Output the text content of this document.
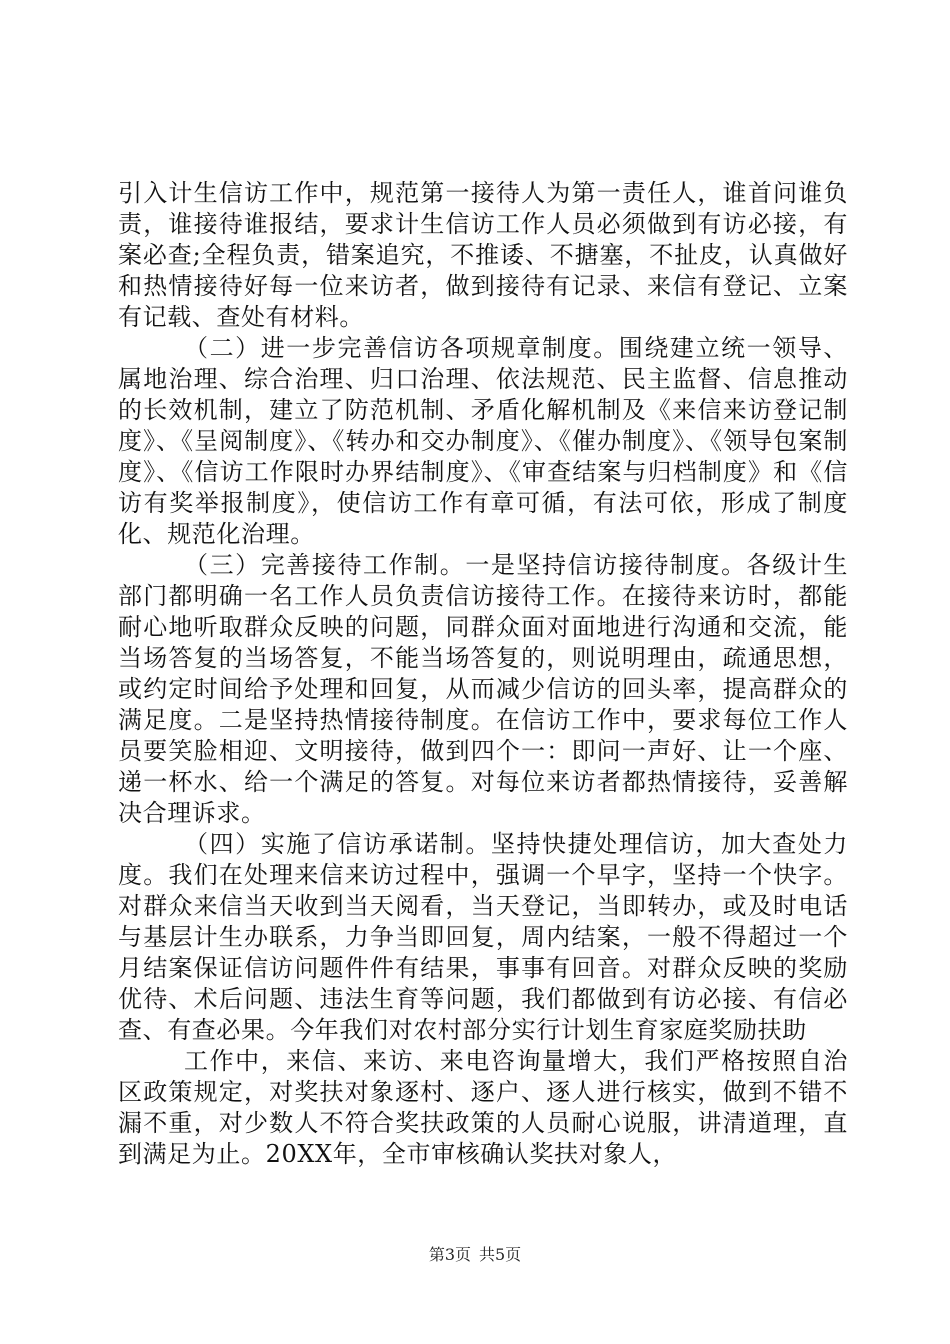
引入计生信访工作中，规范第一接待人为第一责任人，谁首问谁负责，谁接待谁报结，要求计生信访工作人员必须做到有访必接，有案必查;全程负责，错案追究，不推诿、不搪塞，不扯皮，认真做好和热情接待好每一位来访者，做到接待有记录、来信有登记、立案有记载、查处有材料。

（二）进一步完善信访各项规章制度。围绕建立统一领导、属地治理、综合治理、归口治理、依法规范、民主监督、信息推动的长效机制，建立了防范机制、矛盾化解机制及《来信来访登记制度》、《呈阅制度》、《转办和交办制度》、《催办制度》、《领导包案制度》、《信访工作限时办界结制度》、《审查结案与归档制度》和《信访有奖举报制度》，使信访工作有章可循，有法可依，形成了制度化、规范化治理。

（三）完善接待工作制。一是坚持信访接待制度。各级计生部门都明确一名工作人员负责信访接待工作。在接待来访时，都能耐心地听取群众反映的问题，同群众面对面地进行沟通和交流，能当场答复的当场答复，不能当场答复的，则说明理由，疏通思想，或约定时间给予处理和回复，从而减少信访的回头率，提高群众的满足度。二是坚持热情接待制度。在信访工作中，要求每位工作人员要笑脸相迎、文明接待，做到四个一：即问一声好、让一个座、递一杯水、给一个满足的答复。对每位来访者都热情接待，妥善解决合理诉求。

（四）实施了信访承诺制。坚持快捷处理信访，加大查处力度。我们在处理来信来访过程中，强调一个早字，坚持一个快字。对群众来信当天收到当天阅看，当天登记，当即转办，或及时电话与基层计生办联系，力争当即回复，周内结案，一般不得超过一个月结案保证信访问题件件有结果，事事有回音。对群众反映的奖励优待、术后问题、违法生育等问题，我们都做到有访必接、有信必查、有查必果。今年我们对农村部分实行计划生育家庭奖励扶助

工作中，来信、来访、来电咨询量增大，我们严格按照自治区政策规定，对奖扶对象逐村、逐户、逐人进行核实，做到不错不漏不重，对少数人不符合奖扶政策的人员耐心说服，讲清道理，直到满足为止。20XX年，全市审核确认奖扶对象人，

第3页 共5页
